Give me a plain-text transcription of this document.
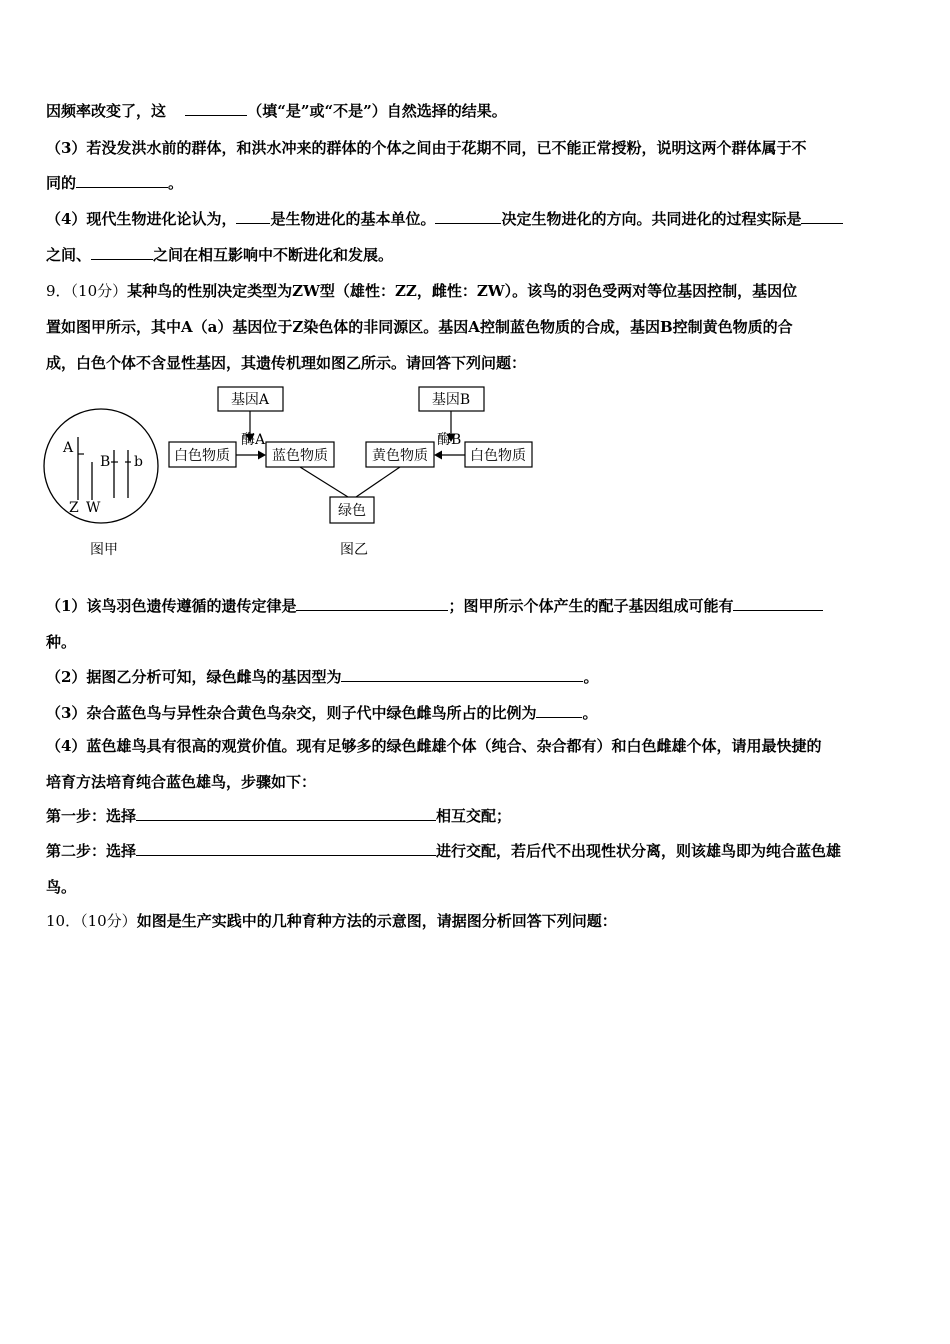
因频率改变了，这	（填“是”或“不是”）自然选择的结果。
（3）若没发洪水前的群体，和洪水冲来的群体的个体之间由于花期不同，已不能正常授粉，说明这两个群体属于不
同的	。
（4）现代生物进化论认为， 是生物进化的基本单位。	决定生物进化的方向。共同进化的过程实际是
之间、	之间在相互影响中不断进化和发展。
9．（10分）某种鸟的性别决定类型为ZW型（雄性：ZZ，雌性：ZW）。该鸟的羽色受两对等位基因控制，基因位
置如图甲所示，其中A（a）基因位于Z染色体的非同源区。基因A控制蓝色物质的合成，基因B控制黄色物质的合
成，白色个体不含显性基因，其遗传机理如图乙所示。请回答下列问题：
A
B b
Z W
图甲
基因A	基因B
酶A	酶B
白色物质	蓝色物质	黄色物质	白色物质
绿色
图乙
（1）该鸟羽色遗传遵循的遗传定律是	；图甲所示个体产生的配子基因组成可能有
种。
（2）据图乙分析可知，绿色雌鸟的基因型为	。
（3）杂合蓝色鸟与异性杂合黄色鸟杂交，则子代中绿色雌鸟所占的比例为	。
（4）蓝色雄鸟具有很高的观赏价值。现有足够多的绿色雌雄个体（纯合、杂合都有）和白色雌雄个体，请用最快捷的
培育方法培育纯合蓝色雄鸟，步骤如下：
第一步：选择	相互交配；
第二步：选择	进行交配，若后代不出现性状分离，则该雄鸟即为纯合蓝色雄
鸟。
10．（10分）如图是生产实践中的几种育种方法的示意图，请据图分析回答下列问题：
